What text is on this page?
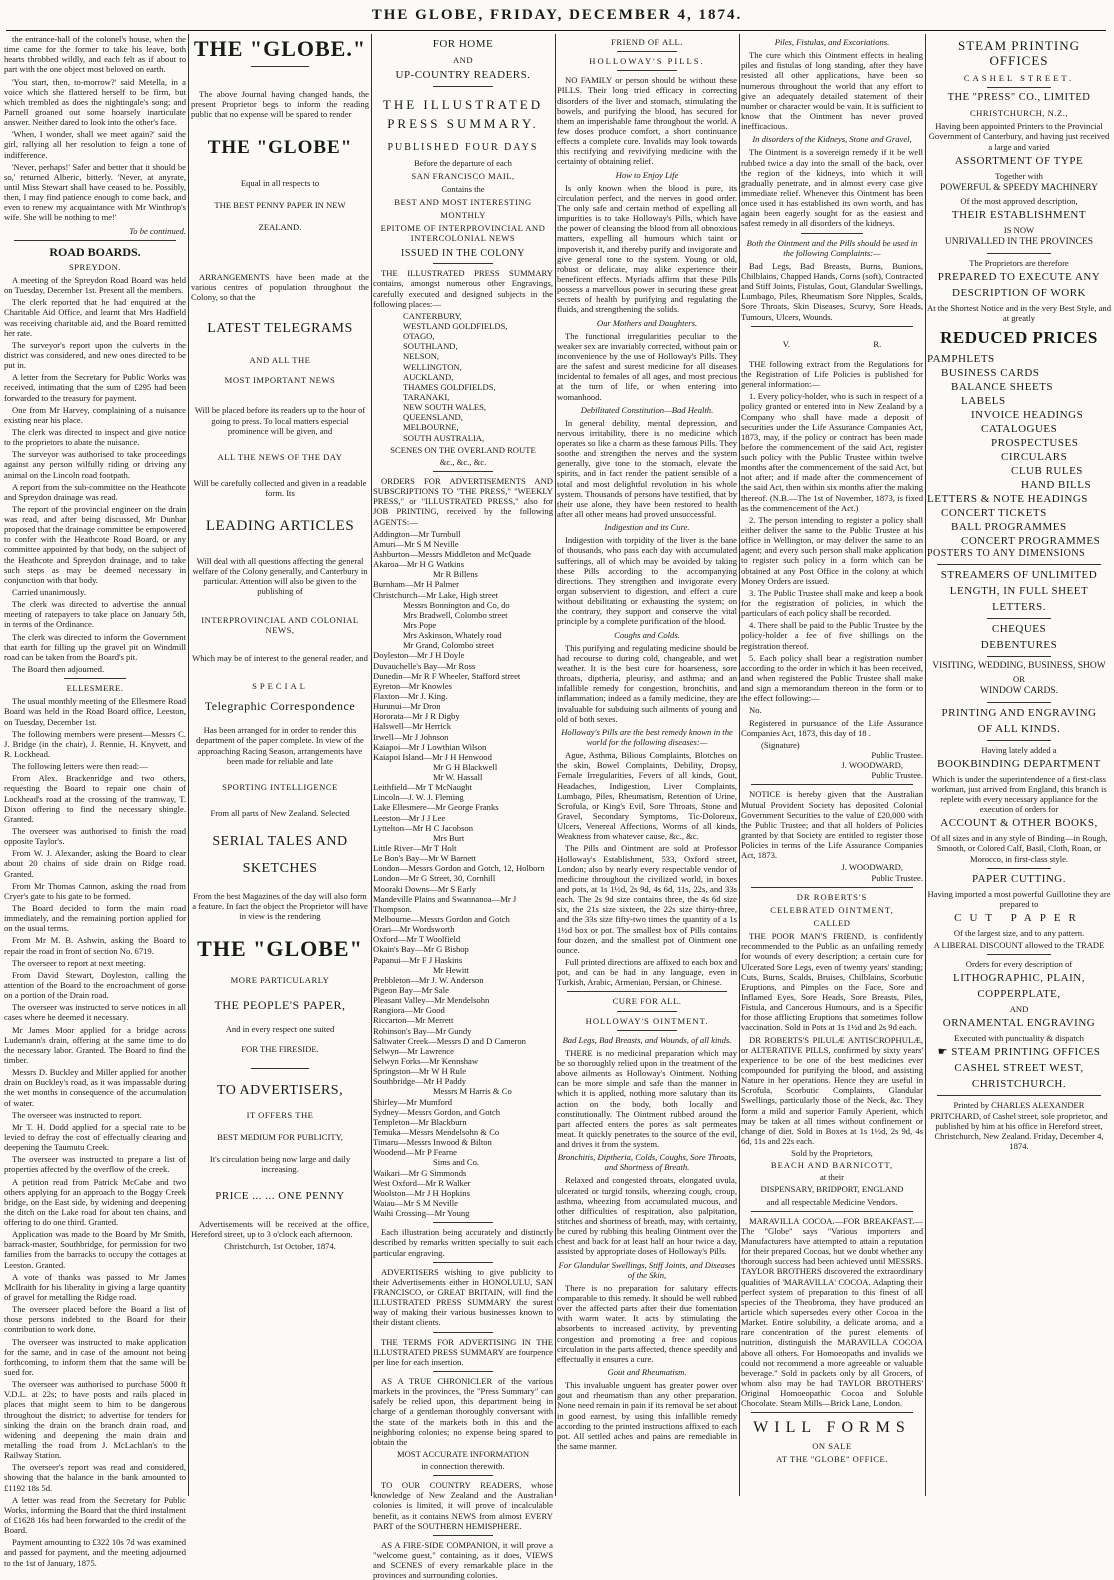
THE GLOBE, FRIDAY, DECEMBER 4, 1874.

the entrance-hall of the colonel's house, when the time came for the former to take his leave, both hearts throbbed wildly, and each felt as if about to part with the one object most beloved on earth.

'You start, then, to-morrow?' said Metella, in a voice which she flattered herself to be firm, but which trembled as does the nightingale's song; and Parnell groaned out some hoarsely inarticulate answer. Neither dared to look into the other's face.

'When, I wonder, shall we meet again?' said the girl, rallying all her resolution to feign a tone of indifference.

'Never, perhaps!' Safer and better that it should be so,' returned Alberic, bitterly. 'Never, at anyrate, until Miss Stewart shall have ceased to be. Possibly, then, I may find patience enough to come back, and even to renew my acquaintance with Mr Winthrop's wife. She will be nothing to me!'

To be continued.
ROAD BOARDS.
SPREYDON.

A meeting of the Spreydon Road Board was held on Tuesday, December 1st. Present all the members.

The clerk reported that he had enquired at the Charitable Aid Office, and learnt that Mrs Hadfield was receiving charitable aid, and the Board remitted her rate.

The surveyor's report upon the culverts in the district was considered, and new ones directed to be put in.

A letter from the Secretary for Public Works was received, intimating that the sum of £295 had been forwarded to the treasury for payment.

One from Mr Harvey, complaining of a nuisance existing near his place.

The clerk was directed to inspect and give notice to the proprietors to abate the nuisance.

The surveyor was authorised to take proceedings against any person wilfully riding or driving any animal on the Lincoln road footpath.

A report from the sub-committee on the Heathcote and Spreydon drainage was read.

The report of the provincial engineer on the drain was read, and after being discussed, Mr Dunbar proposed that the drainage committee be empowered to confer with the Heathcote Road Board, or any committee appointed by that body, on the subject of the Heathcote and Spreydon drainage, and to take such steps as may be deemed necessary in conjunction with that body.

Carried unanimously.

The clerk was directed to advertise the annual meeting of ratepayers to take place on January 5th, in terms of the Ordinance.

The clerk was directed to inform the Government that earth for filling up the gravel pit on Windmill road can be taken from the Board's pit.

The Board then adjourned.

ELLESMERE.

The usual monthly meeting of the Ellesmere Road Board was held in the Road Board office, Leeston, on Tuesday, December 1st.

The following members were present—Messrs C. J. Bridge (in the chair), J. Rennie, H. Knyvett, and R. Lockhead.

The following letters were then read:—

From Alex. Brackenridge and two others, requesting the Board to repair one chain of Lockhead's road at the crossing of the tramway, T. Dixon offering to find the necessary shingle. Granted.

The overseer was authorised to finish the road opposite Taylor's.

From W. J. Alexander, asking the Board to clear about 20 chains of side drain on Ridge road. Granted.

From Mr Thomas Cannon, asking the road from Cryer's gate to his gate to be formed.

The Board decided to form the main road immediately, and the remaining portion applied for on the usual terms.

From Mr M. B. Ashwin, asking the Board to repair the road in front of section No. 6719.

The overseer to report at next meeting.

From David Stewart, Doyleston, calling the attention of the Board to the encroachment of gorse on a portion of the Drain road.

The overseer was instructed to serve notices in all cases where he deemed it necessary.

Mr James Moor applied for a bridge across Ludemann's drain, offering at the same time to do the necessary labor. Granted. The Board to find the timber.

Messrs D. Buckley and Miller applied for another drain on Buckley's road, as it was impassable during the wet months in consequence of the accumulation of water.

The overseer was instructed to report.

Mr T. H. Dodd applied for a special rate to be levied to defray the cost of effectually clearing and deepening the Taumutu Creek.

The overseer was instructed to prepare a list of properties affected by the overflow of the creek.

A petition read from Patrick McCabe and two others applying for an approach to the Boggy Creek bridge, on the East side, by widening and deepening the ditch on the Lake road for about ten chains, and offering to do one third. Granted.

Application was made to the Board by Mr Smith, barrack-master, Southbridge, for permission for two families from the barracks to occupy the cottages at Leeston. Granted.

A vote of thanks was passed to Mr James McIlraith for his liberality in giving a large quantity of gravel for metalling the Ridge road.

The overseer placed before the Board a list of those persons indebted to the Board for their contribution to work done.

The overseer was instructed to make application for the same, and in case of the amount not being forthcoming, to inform them that the same will be sued for.

The overseer was authorised to purchase 5000 ft V.D.L. at 22s; to have posts and rails placed in places that might seem to him to be dangerous throughout the district; to advertise for tenders for sinking the drain on the branch drain road, and widening and deepening the main drain and metalling the road from J. McLachlan's to the Railway Station.

The overseer's report was read and considered, showing that the balance in the bank amounted to £1192 18s 5d.

A letter was read from the Secretary for Public Works, informing the Board that the third instalment of £1628 16s had been forwarded to the credit of the Board.

Payment amounting to £322 10s 7d was examined and passed for payment, and the meeting adjourned to the 1st of January, 1875.

THE "GLOBE."

The above Journal having changed hands, the present Proprietor begs to inform the reading public that no expense will be spared to render

THE "GLOBE"
Equal in all respects to
THE BEST PENNY PAPER IN NEW
ZEALAND.

ARRANGEMENTS have been made at the various centres of population throughout the Colony, so that the

LATEST TELEGRAMS
AND ALL THE
MOST IMPORTANT NEWS

Will be placed before its readers up to the hour of going to press. To local matters especial prominence will be given, and

ALL THE NEWS OF THE DAY

Will be carefully collected and given in a readable form. Its

LEADING ARTICLES

Will deal with all questions affecting the general welfare of the Colony generally, and Canterbury in particular. Attention will also be given to the publishing of

INTERPROVINCIAL AND COLONIAL NEWS,

Which may be of interest to the general reader, and

SPECIAL
Telegraphic Correspondence

Has been arranged for in order to render this department of the paper complete. In view of the approaching Racing Season, arrangements have been made for reliable and late

SPORTING INTELLIGENCE

From all parts of New Zealand. Selected

SERIAL TALES AND
SKETCHES

From the best Magazines of the day will also form a feature. In fact the object the Proprietor will have in view is the rendering

THE "GLOBE"
MORE PARTICULARLY
THE PEOPLE'S PAPER,
And in every respect one suited
FOR THE FIRESIDE.
TO ADVERTISERS,
IT OFFERS THE
BEST MEDIUM FOR PUBLICITY,

It's circulation being now large and daily increasing.

PRICE ... ... ONE PENNY

Advertisements will be received at the office, Hereford street, up to 3 o'clock each afternoon.

Christchurch, 1st October, 1874.
FOR HOME
AND
UP-COUNTRY READERS.
THE ILLUSTRATED
PRESS SUMMARY.
PUBLISHED FOUR DAYS
Before the departure of each
SAN FRANCISCO MAIL,
Contains the
BEST AND MOST INTERESTING
MONTHLY
EPITOME OF INTERPROVINCIAL AND INTERCOLONIAL NEWS
ISSUED IN THE COLONY

THE ILLUSTRATED PRESS SUMMARY contains, amongst numerous other Engravings, carefully executed and designed subjects in the following places:—

CANTERBURY,
WESTLAND GOLDFIELDS,
OTAGO,
SOUTHLAND,
NELSON,
WELLINGTON,
AUCKLAND,
THAMES GOLDFIELDS,
TARANAKI,
NEW SOUTH WALES,
QUEENSLAND,
MELBOURNE,
SOUTH AUSTRALIA,
SCENES ON THE OVERLAND ROUTE
&c., &c., &c.

ORDERS FOR ADVERTISEMENTS AND SUBSCRIPTIONS TO "THE PRESS," "WEEKLY PRESS," or "ILLUSTRATED PRESS," also for JOB PRINTING, received by the following AGENTS:—

Addington—Mr Turnbull
Amuri—Mr S M Neville
Ashburton—Messrs Middleton and McQuade
Akaroa—Mr H G Watkins
Mr R Billens
Burnham—Mr H Palmer
Christchurch—Mr Lake, High street
Messrs Bonnington and Co, do
Mrs Bradwell, Colombo street
Mrs Pope
Mrs Askinson, Whately road
Mr Grand, Colombo street
Doyleston—Mr J H Doyle
Duvauchelle's Bay—Mr Ross
Dunedin—Mr R F Wheeler, Stafford street
Eyreton—Mr Knowles
Flaxton—Mr J. King.
Hurunui—Mr Dron
Hororata—Mr J R Digby
Halswell—Mr Herrick
Irwell—Mr J Johnson
Kaiapoi—Mr J Lowthian Wilson
Kaiapoi Island—Mr J H Henwood
Mr G H Blackwell
Mr W. Hassall
Leithfield—Mr T McNaught
Lincoln—J. W. J. Fleming
Lake Ellesmere—Mr George Franks
Leeston—Mr J J Lee
Lyttelton—Mr H C Jacobson
Mrs Burt
Little River—Mr T Holt
Le Bon's Bay—Mr W Barnett
London—Messrs Gordon and Gotch, 12, Holborn
London—Mr G Street, 30, Cornhill
Mooraki Downs—Mr S Early
Mandeville Plains and Swannanoa—Mr J Thompson.
Melbourne—Messrs Gordon and Gotch
Orari—Mr Wordsworth
Oxford—Mr T Woolfield
Okain's Bay—Mr G Bishop
Papanui—Mr F J Haskins
Mr Hewitt
Prebbleton—Mr J. W. Anderson
Pigeon Bay—Mr Sale
Pleasant Valley—Mr Mendelsohn
Rangiora—Mr Good
Riccarton—Mr Merrett
Robinson's Bay—Mr Gundy
Saltwater Creek—Messrs D and D Cameron
Selwyn—Mr Lawrence
Selwyn Forks—Mr Kennshaw
Springston—Mr W H Rule
Southbridge—Mr H Paddy
Messrs M Harris & Co
Shirley—Mr Mumford
Sydney—Messrs Gordon, and Gotch
Templeton—Mr Blackburn
Temuka—Messrs Mendelsohn & Co
Timaru—Messrs Inwood & Bilton
Woodend—Mr P Fearne
Sims and Co.
Waikari—Mr G Simmonds
West Oxford—Mr R Walker
Woolston—Mr J H Hopkins
Waiau—Mr S M Neville
Waihi Crossing—Mr Young

Each illustration being accurately and distinctly described by remarks written specially to suit each particular engraving.

ADVERTISERS wishing to give publicity to their Advertisements either in HONOLULU, SAN FRANCISCO, or GREAT BRITAIN, will find the ILLUSTRATED PRESS SUMMARY the surest way of making their various businesses known to their distant clients.

THE TERMS FOR ADVERTISING IN THE ILLUSTRATED PRESS SUMMARY are fourpence per line for each insertion.

AS A TRUE CHRONICLER of the various markets in the provinces, the "Press Summary" can safely be relied upon, this department being in charge of a gentleman thoroughly conversant with the state of the markets both in this and the neighboring colonies; no expense being spared to obtain the

MOST ACCURATE INFORMATION
in connection therewith.

TO OUR COUNTRY READERS, whose knowledge of New Zealand and the Australian colonies is limited, it will prove of incalculable benefit, as it contains NEWS from almost EVERY PART of the SOUTHERN HEMISPHERE.

AS A FIRE-SIDE COMPANION, it will prove a "welcome guest," containing, as it does, VIEWS and SCENES of every remarkable place in the provinces and surrounding colonies.

FRIEND OF ALL.
HOLLOWAY'S PILLS.

NO FAMILY or person should be without these PILLS. Their long tried efficacy in correcting disorders of the liver and stomach, stimulating the bowels, and purifying the blood, has secured for them an imperishable fame throughout the world. A few doses produce comfort, a short continuance effects a complete cure. Invalids may look towards this rectifying and revivifying medicine with the certainty of obtaining relief.

How to Enjoy Life

Is only known when the blood is pure, its circulation perfect, and the nerves in good order. The only safe and certain method of expelling all impurities is to take Holloway's Pills, which have the power of cleansing the blood from all obnoxious matters, expelling all humours which taint or impoverish it, and thereby purify and invigorate and give general tone to the system. Young or old, robust or delicate, may alike experience their beneficent effects. Myriads affirm that these Pills possess a marvellous power in securing these great secrets of health by purifying and regulating the fluids, and strengthening the solids.

Our Mothers and Daughters.

The functional irregularities peculiar to the weaker sex are invariably corrected, without pain or inconvenience by the use of Holloway's Pills. They are the safest and surest medicine for all diseases incidental to females of all ages, and most precious at the turn of life, or when entering into womanhood.

Debilitated Constitution—Bad Health.

In general debility, mental depression, and nervous irritability, there is no medicine which operates so like a charm as these famous Pills. They soothe and strengthen the nerves and the system generally, give tone to the stomach, elevate the spirits, and in fact render the patient sensible of a total and most delightful revolution in his whole system. Thousands of persons have testified, that by their use alone, they have been restored to health after all other means had proved unsuccessful.

Indigestion and its Cure.

Indigestion with torpidity of the liver is the bane of thousands, who pass each day with accumulated sufferings, all of which may be avoided by taking these Pills according to the accompanying directions. They strengthen and invigorate every organ subservient to digestion, and effect a cure without debilitating or exhausting the system; on the contrary, they support and conserve the vital principle by a complete purification of the blood.

Coughs and Colds.

This purifying and regulating medicine should be had recourse to during cold, changeable, and wet weather. It is the best cure for hoarseness, sore throats, diptheria, pleurisy, and asthma; and an infallible remedy for congestion, bronchitis, and inflammation; indeed as a family medicine, they are invaluable for subduing such ailments of young and old of both sexes.

Holloway's Pills are the best remedy known in the world for the following diseases:—

Ague, Asthma, Bilious Complaints, Blotches on the skin, Bowel Complaints, Debility, Dropsy, Female Irregularities, Fevers of all kinds, Gout, Headaches, Indigestion, Liver Complaints, Lumbago, Piles, Rheumatism, Retention of Urine, Scrofula, or King's Evil, Sore Throats, Stone and Gravel, Secondary Symptoms, Tic-Doloreux, Ulcers, Venereal Affections, Worms of all kinds, Weakness from whatever cause, &c., &c.

The Pills and Ointment are sold at Professor Holloway's Establishment, 533, Oxford street, London; also by nearly every respectable vendor of medicine throughout the civilized world, in boxes and pots, at 1s 1½d, 2s 9d, 4s 6d, 11s, 22s, and 33s each. The 2s 9d size contains three, the 4s 6d size six, the 21s size sixteen, the 22s size thirty-three, and the 33s size fifty-two times the quantity of a 1s 1½d box or pot. The smallest box of Pills contains four dozen, and the smallest pot of Ointment one ounce.

Full printed directions are affixed to each box and pot, and can be had in any language, even in Turkish, Arabic, Armenian, Persian, or Chinese.

CURE FOR ALL.
HOLLOWAY'S OINTMENT.
Bad Legs, Bad Breasts, and Wounds, of all kinds.

THERE is no medicinal preparation which may be so thoroughly relied upon in the treatment of the above ailments as Holloway's Ointment. Nothing can be more simple and safe than the manner in which it is applied, nothing more salutary than its action on the body, both locally and constitutionally. The Ointment rubbed around the part affected enters the pores as salt permeates meat. It quickly penetrates to the source of the evil, and drives it from the system.

Bronchitis, Diptheria, Colds, Coughs, Sore Throats, and Shortness of Breath.

Relaxed and congested throats, elongated uvula, ulcerated or turgid tonsils, wheezing cough, croup, asthma, wheezing from accumulated mucous, and other difficulties of respiration, also palpitation, stitches and shortness of breath, may, with certainty, be cured by rubbing this healing Ointment over the chest and back for at least half an hour twice a day, assisted by appropriate doses of Holloway's Pills.

For Glandular Swellings, Stiff Joints, and Diseases of the Skin,

There is no preparation for salutary effects comparable to this remedy. It should be well rubbed over the affected parts after their due fomentation with warm water. It acts by stimulating the absorbents to increased activity, by preventing congestion and promoting a free and copious circulation in the parts affected, thence speedily and effectually it ensures a cure.

Gout and Rheumatism.

This invaluable unguent has greater power over gout and rheumatism than any other preparation. None need remain in pain if its removal be set about in good earnest, by using this infallible remedy according to the printed instructions affixed to each pot. All settled aches and pains are remediable in the same manner.

Piles, Fistulas, and Excoriations.

The cure which this Ointment effects in healing piles and fistulas of long standing, after they have resisted all other applications, have been so numerous throughout the world that any effort to give an adequately detailed statement of their number or character would be vain. It is sufficient to know that the Ointment has never proved inefficacious.

In disorders of the Kidneys, Stone and Gravel,

The Ointment is a sovereign remedy if it be well rubbed twice a day into the small of the back, over the region of the kidneys, into which it will gradually penetrate, and in almost every case give immediate relief. Whenever this Ointment has been once used it has established its own worth, and has again been eagerly sought for as the easiest and safest remedy in all disorders of the kidneys.

Both the Ointment and the Pills should be used in the following Complaints:—

Bad Legs, Bad Breasts, Burns, Bunions, Chilblains, Chapped Hands, Corns (soft), Contracted and Stiff Joints, Fistulas, Gout, Glandular Swellings, Lumbago, Piles, Rheumatism Sore Nipples, Scalds, Sore Throats, Skin Diseases, Scurvy, Sore Heads, Tumours, Ulcers, Wounds.

V.	R.

THE following extract from the Regulations for the Registration of Life Policies is published for general information:—

1. Every policy-holder, who is such in respect of a policy granted or entered into in New Zealand by a Company who shall have made a deposit of securities under the Life Assurance Companies Act, 1873, may, if the policy or contract has been made before the commencement of the said Act, register such policy with the Public Trustee within twelve months after the commencement of the said Act, but not after; and if made after the commencement of the said Act, then within six months after the making thereof. (N.B.—The 1st of November, 1873, is fixed as the commencement of the Act.)

2. The person intending to register a policy shall either deliver the same to the Public Trustee at his office in Wellington, or may deliver the same to an agent; and every such person shall make application to register such policy in a form which can be obtained at any Post Office in the colony at which Money Orders are issued.

3. The Public Trustee shall make and keep a book for the registration of policies, in which the particulars of each policy shall be recorded.

4. There shall be paid to the Public Trustee by the policy-holder a fee of five shillings on the registration thereof.

5. Each policy shall bear a registration number according to the order in which it has been received, and when registered the Public Trustee shall make and sign a memorandum thereon in the form or to the effect following:—

No.

Registered in pursuance of the Life Assurance Companies Act, 1873, this day of 18 .

(Signature)
Public Trustee.
J. WOODWARD,
Public Trustee.

NOTICE is hereby given that the Australian Mutual Provident Society has deposited Colonial Government Securities to the value of £20,000 with the Public Trustee; and that all holders of Policies granted by that Society are entitled to register those Policies in terms of the Life Assurance Companies Act, 1873.

J. WOODWARD,
Public Trustee.
DR ROBERTS'S
CELEBRATED OINTMENT,
CALLED

THE POOR MAN'S FRIEND, is confidently recommended to the Public as an unfailing remedy for wounds of every description; a certain cure for Ulcerated Sore Legs, even of twenty years' standing; Cuts, Burns, Scalds, Bruises, Chilblains, Scorbutic Eruptions, and Pimples on the Face, Sore and Inflamed Eyes, Sore Heads, Sore Breasts, Piles, Fistula, and Cancerous Humours, and is a Specific for those afflicting Eruptions that sometimes follow vaccination. Sold in Pots at 1s 1½d and 2s 9d each.

DR ROBERTS'S PILULÆ ANTISCROPHULÆ, or ALTERATIVE PILLS, confirmed by sixty years' experience to be one of the best medicines ever compounded for purifying the blood, and assisting Nature in her operations. Hence they are useful in Scrofula, Scorbutic Complaints, Glandular Swellings, particularly those of the Neck, &c. They form a mild and superior Family Aperient, which may be taken at all times without confinement or change of diet. Sold in Boxes at 1s 1½d, 2s 9d, 4s 6d, 11s and 22s each.

Sold by the Proprietors,
BEACH AND BARNICOTT,
at their
DISPENSARY, BRIDPORT, ENGLAND
and all respectable Medicine Vendors.

MARAVILLA COCOA.—FOR BREAKFAST.—The "Globe" says "Various importers and Manufacturers have attempted to attain a reputation for their prepared Cocoas, but we doubt whether any thorough success had been achieved until MESSRS. TAYLOR BROTHERS discovered the extraordinary qualities of 'MARAVILLA' COCOA. Adapting their perfect system of preparation to this finest of all species of the Theobroma, they have produced an article which supersedes every other Cocoa in the Market. Entire solubility, a delicate aroma, and a rare concentration of the purest elements of nutrition, distinguish the MARAVILLA COCOA above all others. For Homoeopaths and invalids we could not recommend a more agreeable or valuable beverage." Sold in packets only by all Grocers, of whom also may be had TAYLOR BROTHERS' Original Homoeopathic Cocoa and Soluble Chocolate. Steam Mills—Brick Lane, London.

WILL FORMS
ON SALE
AT THE "GLOBE" OFFICE.
STEAM PRINTING OFFICES
CASHEL STREET.
THE "PRESS" CO., LIMITED
CHRISTCHURCH, N.Z.,
Having been appointed Printers to the Provincial Government of Canterbury, and having just received a large and varied
ASSORTMENT OF TYPE
Together with
POWERFUL & SPEEDY MACHINERY
Of the most approved description,
THEIR ESTABLISHMENT
IS NOW
UNRIVALLED IN THE PROVINCES
The Proprietors are therefore
PREPARED TO EXECUTE ANY
DESCRIPTION OF WORK
At the Shortest Notice and in the very Best Style, and at greatly
REDUCED PRICES
PAMPHLETS
BUSINESS CARDS
BALANCE SHEETS
LABELS
INVOICE HEADINGS
CATALOGUES
PROSPECTUSES
CIRCULARS
CLUB RULES
HAND BILLS
LETTERS & NOTE HEADINGS
CONCERT TICKETS
BALL PROGRAMMES
CONCERT PROGRAMMES
POSTERS TO ANY DIMENSIONS
STREAMERS OF UNLIMITED
LENGTH, IN FULL SHEET
LETTERS.
CHEQUES
DEBENTURES
VISITING, WEDDING, BUSINESS, SHOW
OR
WINDOW CARDS.
PRINTING AND ENGRAVING
OF ALL KINDS.
Having lately added a
BOOKBINDING DEPARTMENT
Which is under the superintendence of a first-class workman, just arrived from England, this branch is replete with every necessary appliance for the execution of orders for
ACCOUNT & OTHER BOOKS,
Of all sizes and in any style of Binding—in Rough, Smooth, or Colored Calf, Basil, Cloth, Roan, or Morocco, in first-class style.
PAPER CUTTING.
Having imported a most powerful Guillotine they are prepared to
CUT PAPER
Of the largest size, and to any pattern.
A LIBERAL DISCOUNT allowed to the TRADE
Orders for every description of
LITHOGRAPHIC, PLAIN,
COPPERPLATE,
AND
ORNAMENTAL ENGRAVING
Executed with punctuality & dispatch
☛ STEAM PRINTING OFFICES
CASHEL STREET WEST,
CHRISTCHURCH.
Printed by CHARLES ALEXANDER PRITCHARD, of Cashel street, sole proprietor, and published by him at his office in Hereford street, Christchurch, New Zealand. Friday, December 4, 1874.
